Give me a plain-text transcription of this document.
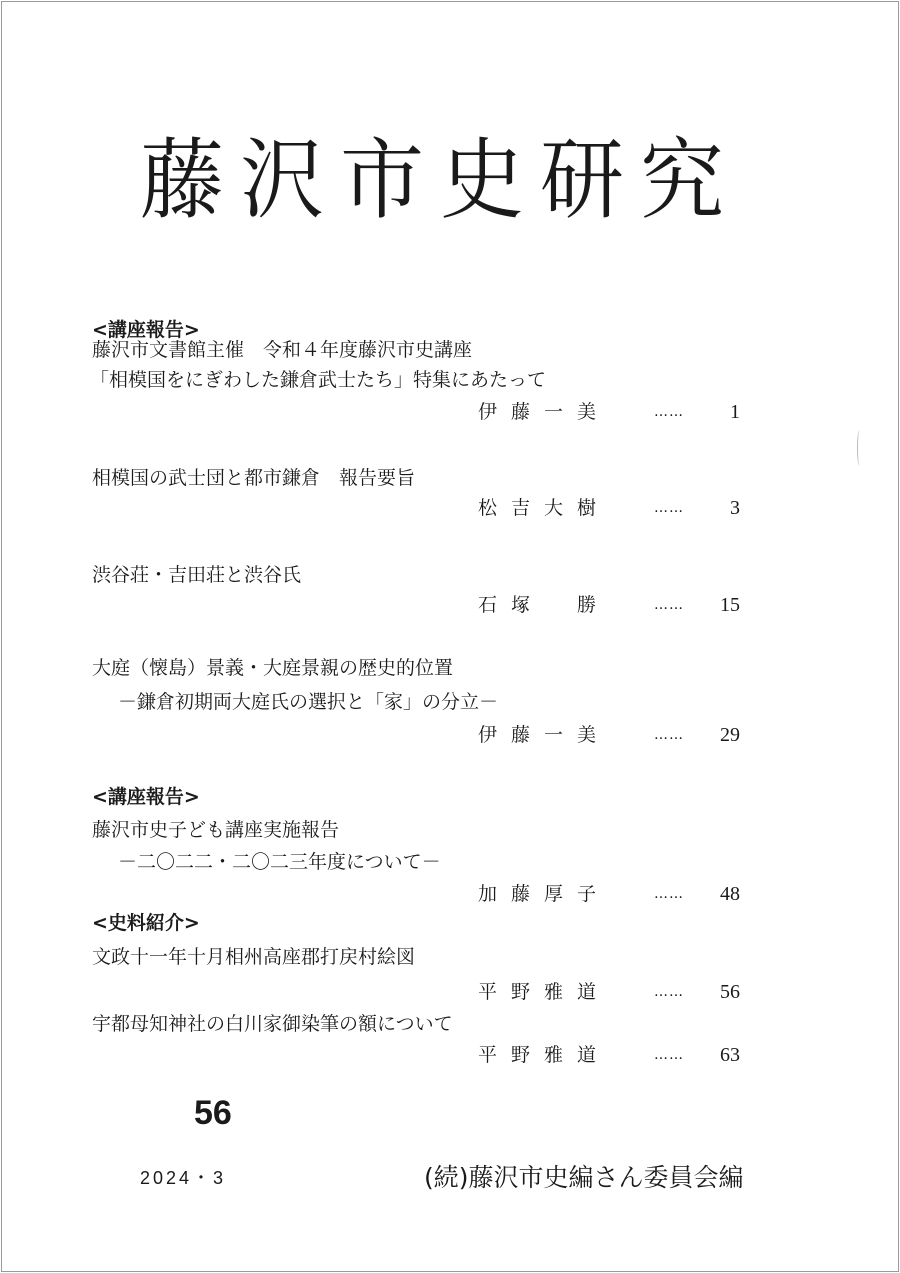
藤沢市史研究
<講座報告>
藤沢市文書館主催　令和４年度藤沢市史講座
「相模国をにぎわした鎌倉武士たち」特集にあたって
伊藤一美	…… 1
相模国の武士団と都市鎌倉　報告要旨
松吉大樹	…… 3
渋谷荘・吉田荘と渋谷氏
石塚　勝	…… 15
大庭（懐島）景義・大庭景親の歴史的位置
－鎌倉初期両大庭氏の選択と「家」の分立－
伊藤一美	…… 29
<講座報告>
藤沢市史子ども講座実施報告
－二〇二二・二〇二三年度について－
加藤厚子	…… 48
<史料紹介>
文政十一年十月相州高座郡打戻村絵図
平野雅道	…… 56
宇都母知神社の白川家御染筆の額について
平野雅道	…… 63
56
2024・3	(続)藤沢市史編さん委員会編
